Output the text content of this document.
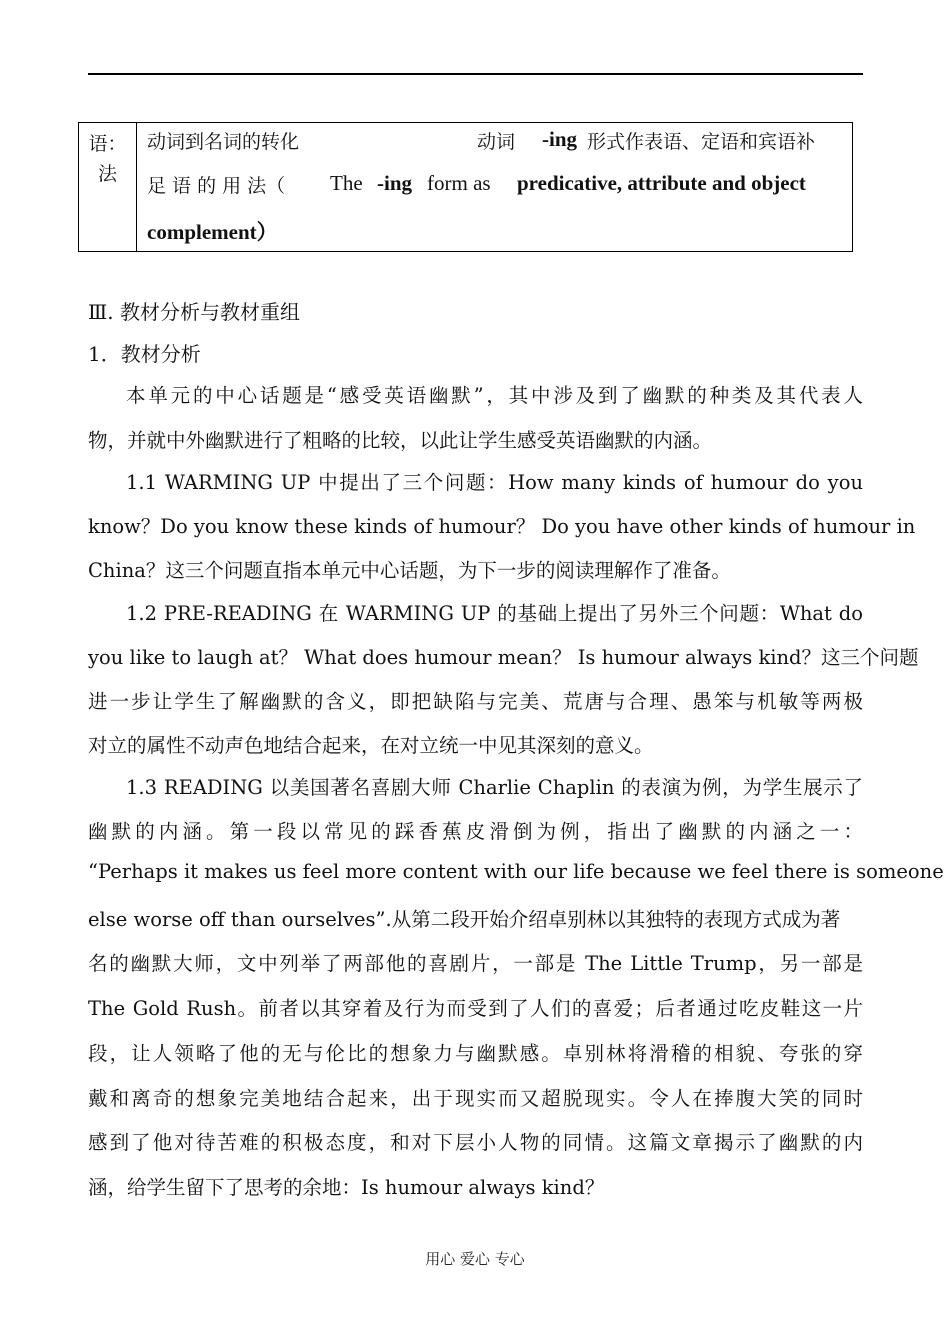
语：
法
动词到名词的转化	动词 -ing 形式作表语、定语和宾语补
足 语 的 用 法（ The -ing form as predicative, attribute and object
complement）
Ⅲ. 教材分析与教材重组
1．教材分析
本单元的中心话题是“感受英语幽默”，其中涉及到了幽默的种类及其代表人
物，并就中外幽默进行了粗略的比较，以此让学生感受英语幽默的内涵。
1.1 WARMING UP 中提出了三个问题：How many kinds of humour do you
know？Do you know these kinds of humour？ Do you have other kinds of humour in
China？这三个问题直指本单元中心话题，为下一步的阅读理解作了准备。
1.2 PRE-READING 在 WARMING UP 的基础上提出了另外三个问题：What do
you like to laugh at？ What does humour mean？ Is humour always kind？这三个问题
进一步让学生了解幽默的含义，即把缺陷与完美、荒唐与合理、愚笨与机敏等两极
对立的属性不动声色地结合起来，在对立统一中见其深刻的意义。
1.3 READING 以美国著名喜剧大师 Charlie Chaplin 的表演为例，为学生展示了
幽默的内涵。第一段以常见的踩香蕉皮滑倒为例，指出了幽默的内涵之一：
“Perhaps it makes us feel more content with our life because we feel there is someone
else worse off than ourselves”.从第二段开始介绍卓别林以其独特的表现方式成为著
名的幽默大师，文中列举了两部他的喜剧片，一部是 The Little Trump，另一部是
The Gold Rush。前者以其穿着及行为而受到了人们的喜爱；后者通过吃皮鞋这一片
段，让人领略了他的无与伦比的想象力与幽默感。卓别林将滑稽的相貌、夸张的穿
戴和离奇的想象完美地结合起来，出于现实而又超脱现实。令人在捧腹大笑的同时
感到了他对待苦难的积极态度，和对下层小人物的同情。这篇文章揭示了幽默的内
涵，给学生留下了思考的余地：Is humour always kind？
用心 爱心 专心
